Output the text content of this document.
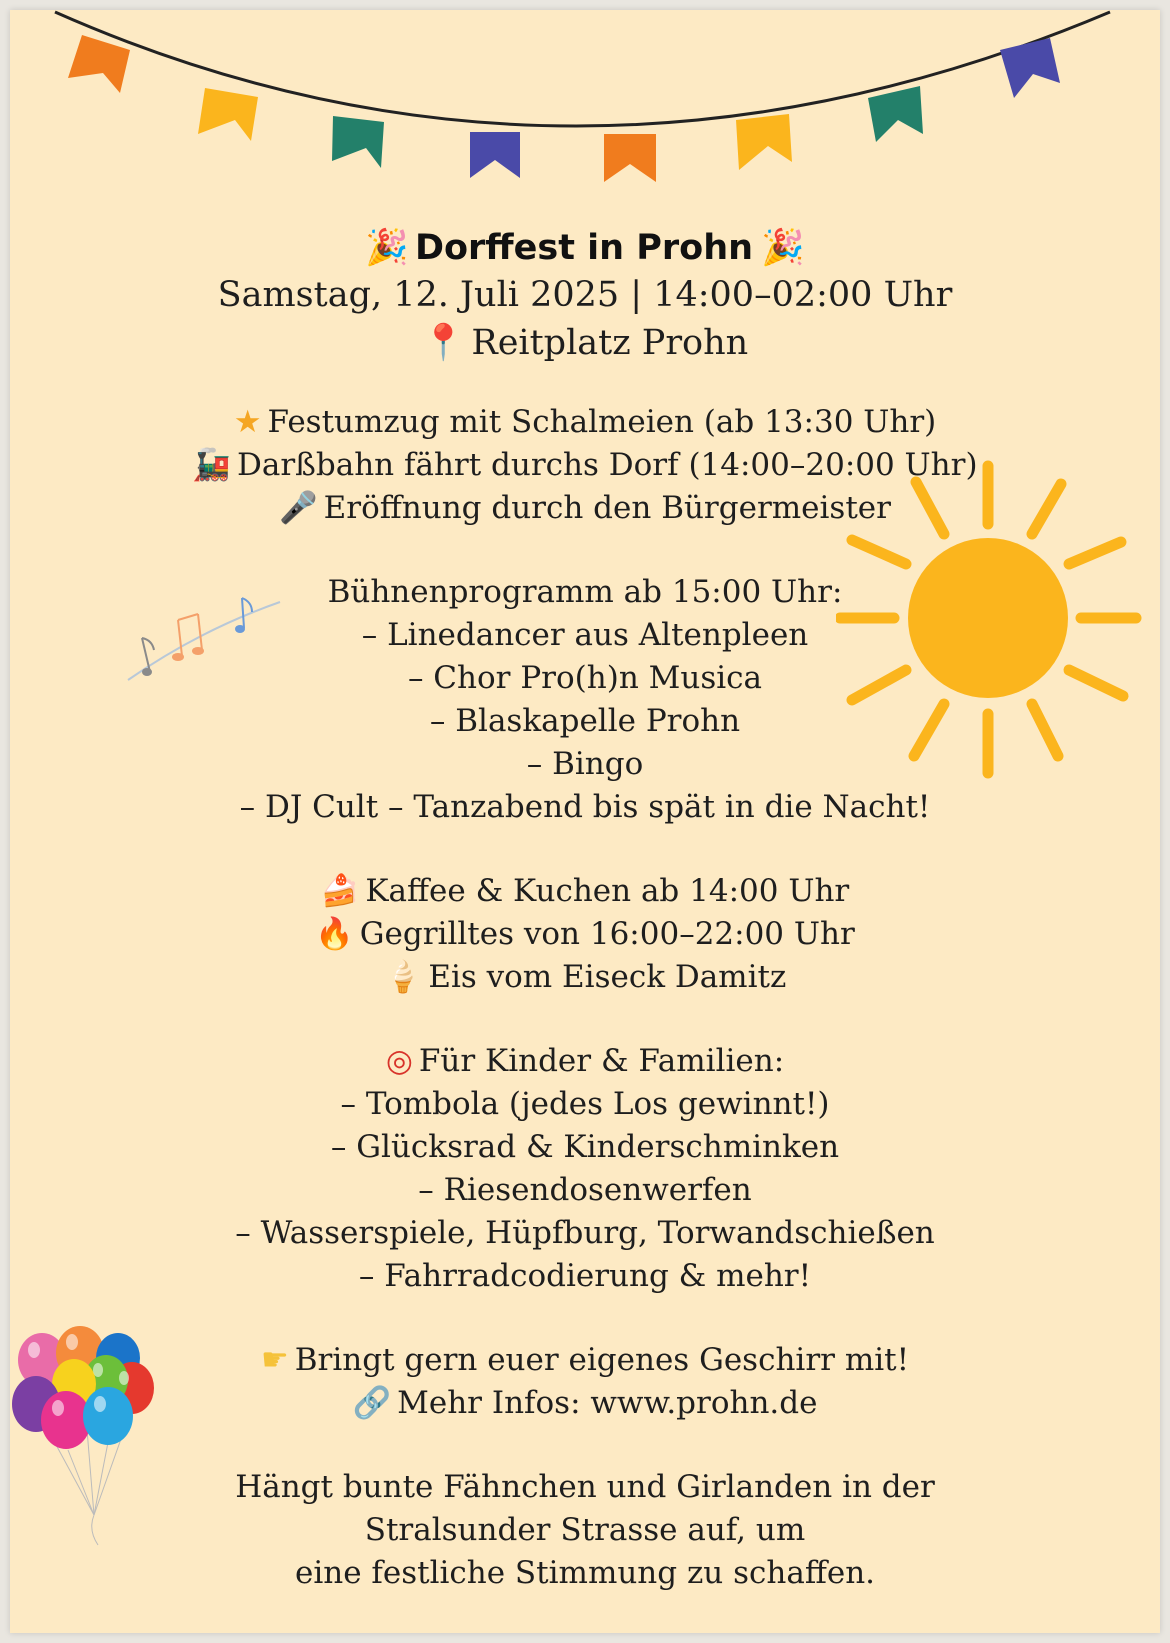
🎉 Dorffest in Prohn 🎉
Samstag, 12. Juli 2025 | 14:00–02:00 Uhr
📍 Reitplatz Prohn
★ Festumzug mit Schalmeien (ab 13:30 Uhr)
🚂 Darßbahn fährt durchs Dorf (14:00–20:00 Uhr)
🎤 Eröffnung durch den Bürgermeister
Bühnenprogramm ab 15:00 Uhr:
– Linedancer aus Altenpleen
– Chor Pro(h)n Musica
– Blaskapelle Prohn
– Bingo
– DJ Cult – Tanzabend bis spät in die Nacht!
🍰 Kaffee & Kuchen ab 14:00 Uhr
🔥 Gegrilltes von 16:00–22:00 Uhr
🍦 Eis vom Eiseck Damitz
◎ Für Kinder & Familien:
– Tombola (jedes Los gewinnt!)
– Glücksrad & Kinderschminken
– Riesendosenwerfen
– Wasserspiele, Hüpfburg, Torwandschießen
– Fahrradcodierung & mehr!
☛ Bringt gern euer eigenes Geschirr mit!
🔗 Mehr Infos: www.prohn.de
Hängt bunte Fähnchen und Girlanden in der
Stralsunder Strasse auf, um
eine festliche Stimmung zu schaffen.
